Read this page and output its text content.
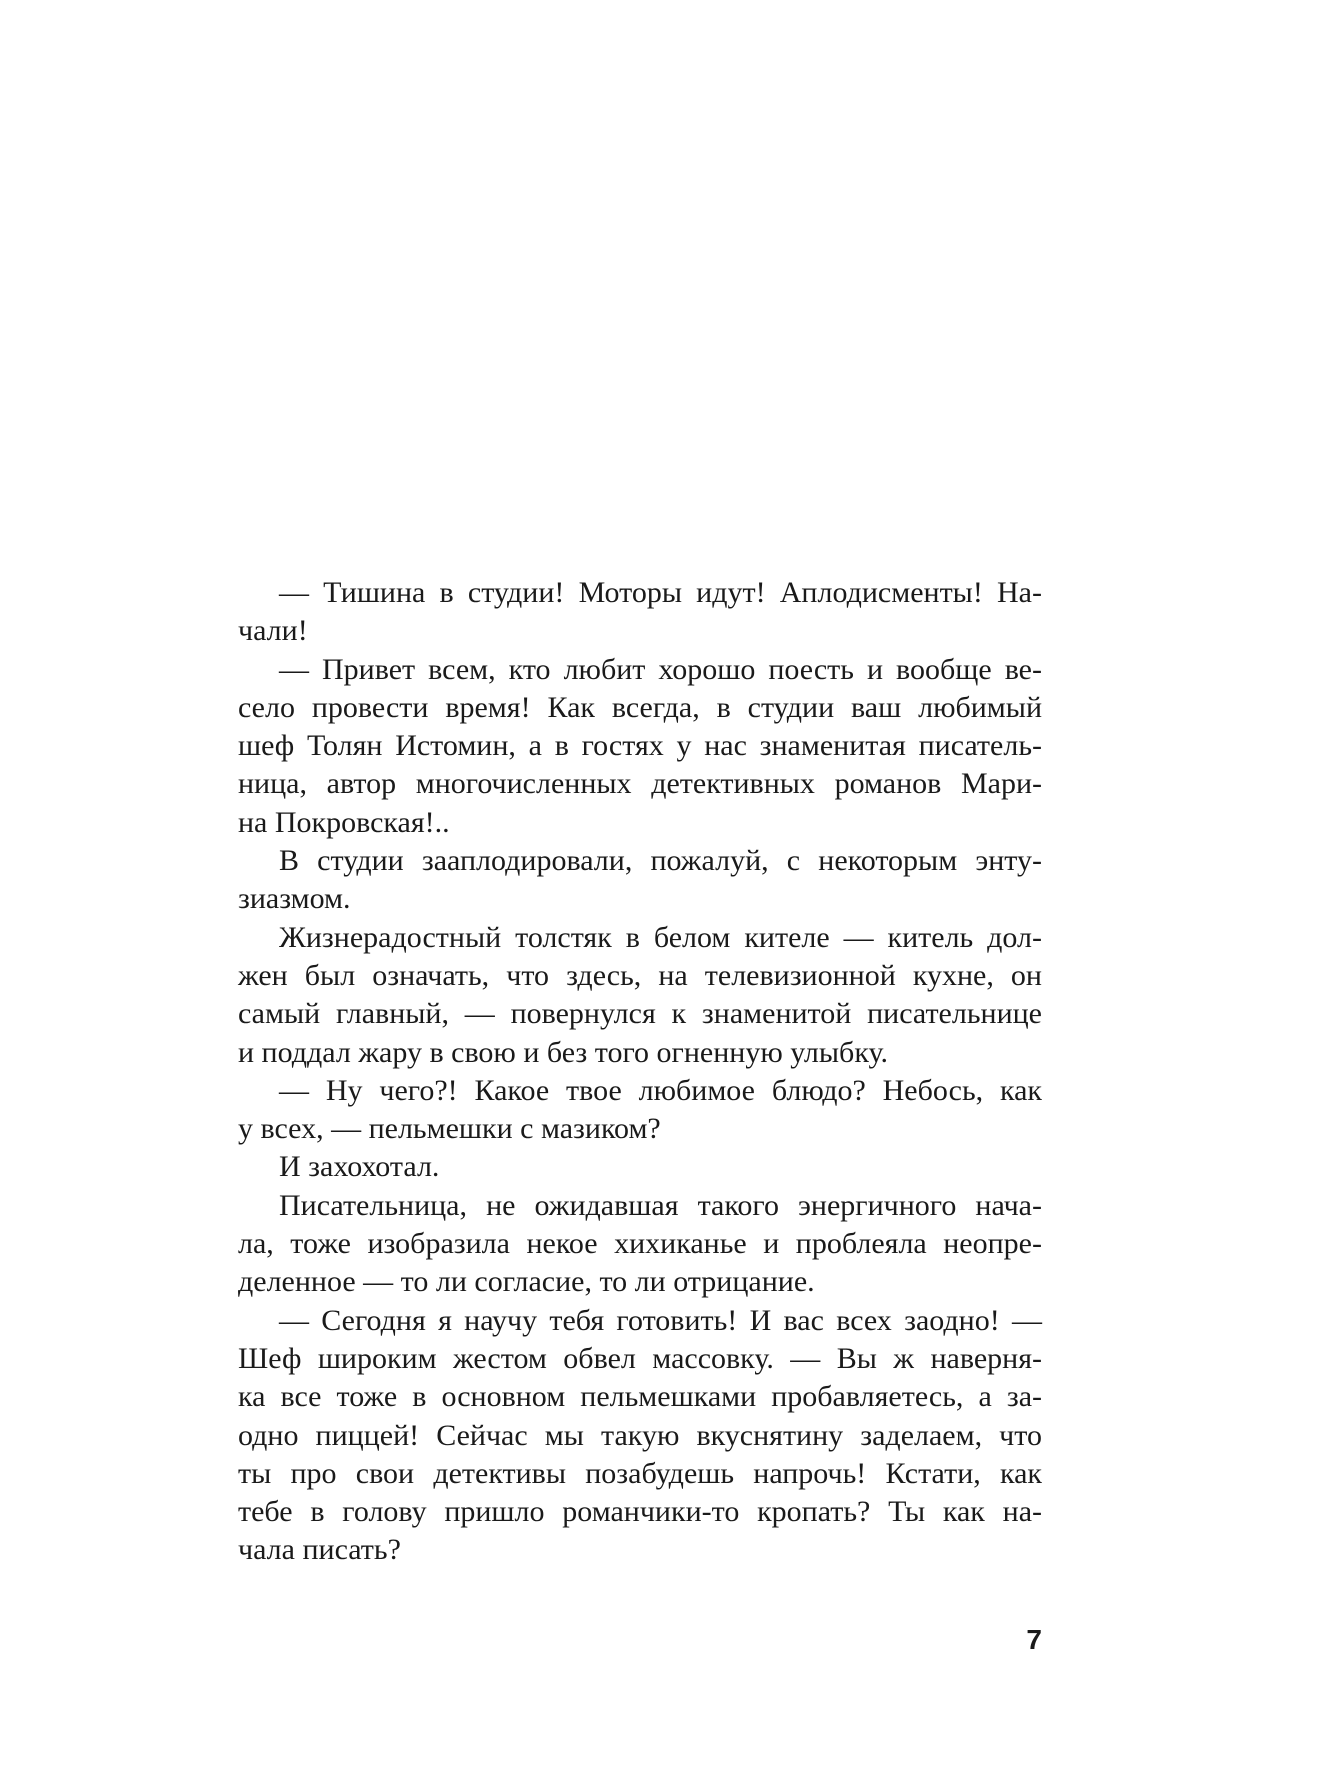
— Тишина в студии! Моторы идут! Аплодисменты! На-
чали!
— Привет всем, кто любит хорошо поесть и вообще ве-
село провести время! Как всегда, в студии ваш любимый
шеф Толян Истомин, а в гостях у нас знаменитая писатель-
ница, автор многочисленных детективных романов Мари-
на Покровская!..
В студии зааплодировали, пожалуй, с некоторым энту-
зиазмом.
Жизнерадостный толстяк в белом кителе — китель дол-
жен был означать, что здесь, на телевизионной кухне, он
самый главный, — повернулся к знаменитой писательнице
и поддал жару в свою и без того огненную улыбку.
— Ну чего?! Какое твое любимое блюдо? Небось, как
у всех, — пельмешки с мазиком?
И захохотал.
Писательница, не ожидавшая такого энергичного нача-
ла, тоже изобразила некое хихиканье и проблеяла неопре-
деленное — то ли согласие, то ли отрицание.
— Сегодня я научу тебя готовить! И вас всех заодно! —
Шеф широким жестом обвел массовку. — Вы ж наверня-
ка все тоже в основном пельмешками пробавляетесь, а за-
одно пиццей! Сейчас мы такую вкуснятину заделаем, что
ты про свои детективы позабудешь напрочь! Кстати, как
тебе в голову пришло романчики-то кропать? Ты как на-
чала писать?
7
